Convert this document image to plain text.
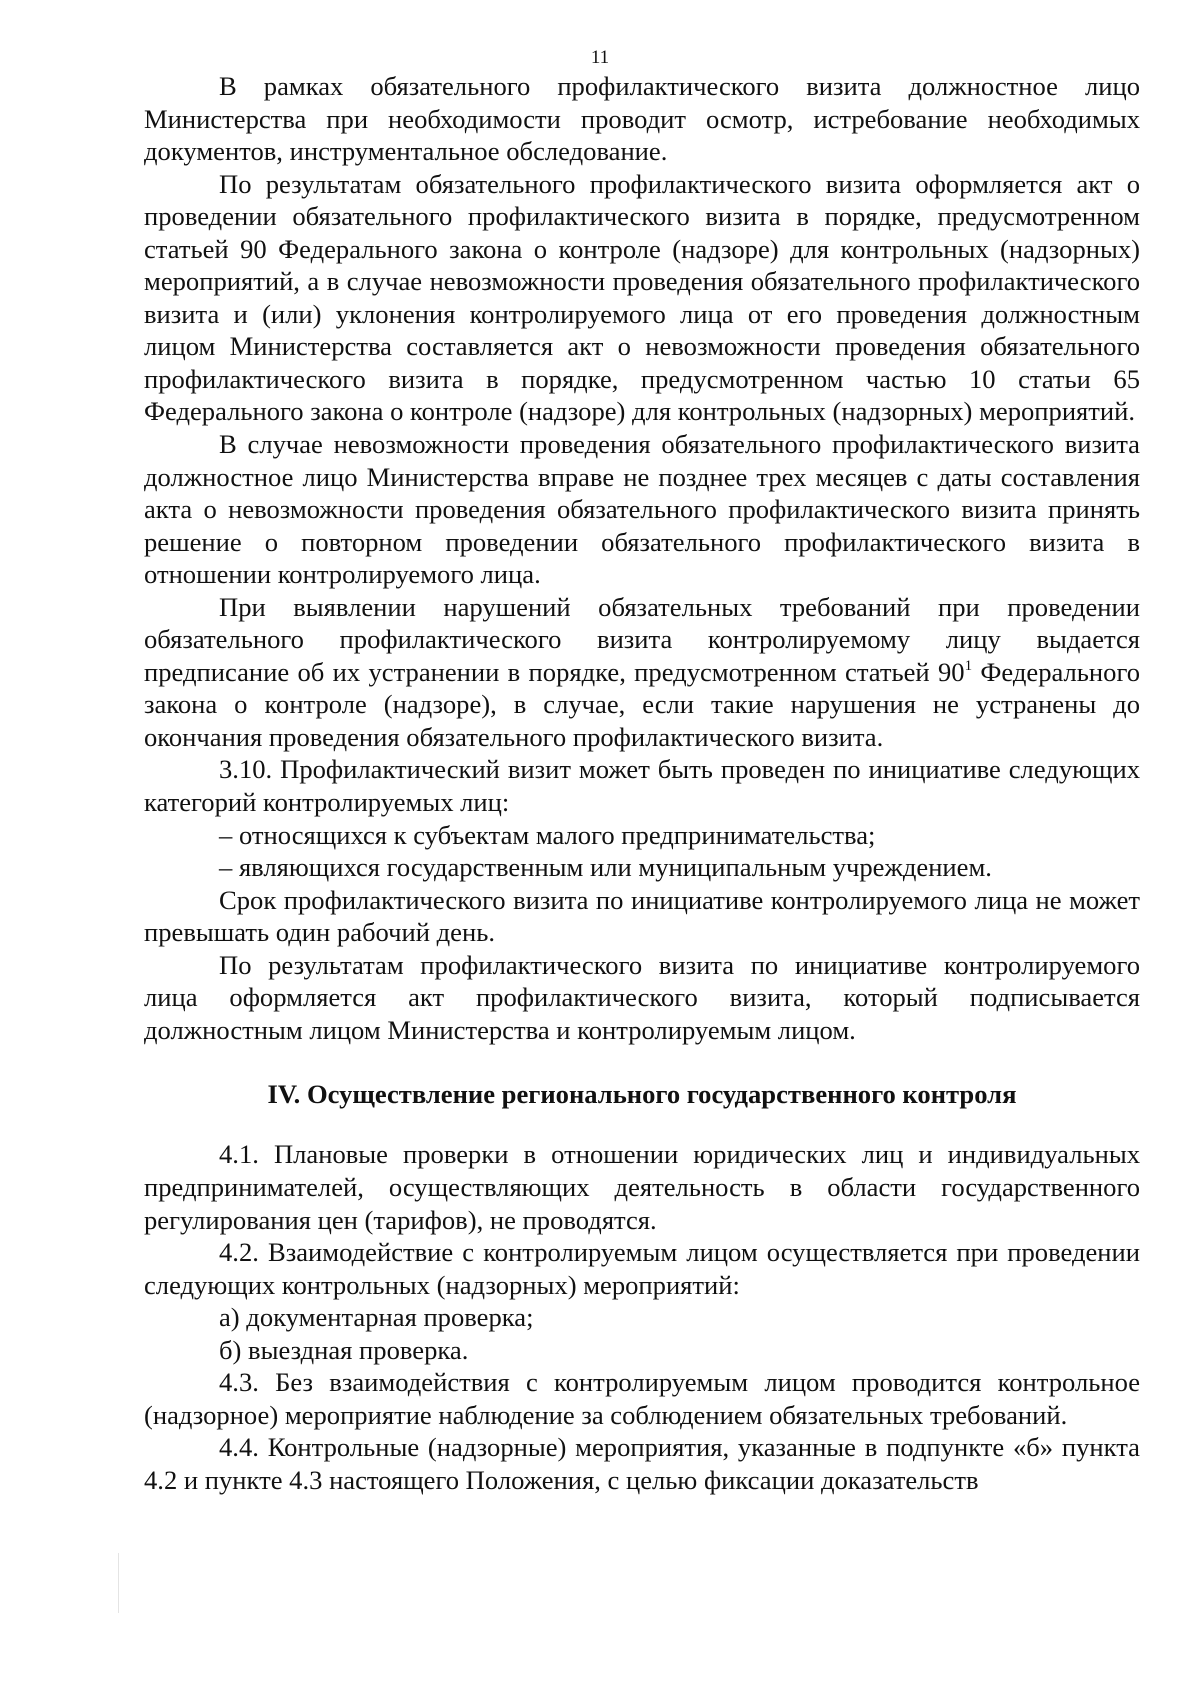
11

В рамках обязательного профилактического визита должностное лицо Министерства при необходимости проводит осмотр, истребование необходимых документов, инструментальное обследование.

По результатам обязательного профилактического визита оформляется акт о проведении обязательного профилактического визита в порядке, предусмотренном статьей 90 Федерального закона о контроле (надзоре) для контрольных (надзорных) мероприятий, а в случае невозможности проведения обязательного профилактического визита и (или) уклонения контролируемого лица от его проведения должностным лицом Министерства составляется акт о невозможности проведения обязательного профилактического визита в порядке, предусмотренном частью 10 статьи 65 Федерального закона о контроле (надзоре) для контрольных (надзорных) мероприятий.

В случае невозможности проведения обязательного профилактического визита должностное лицо Министерства вправе не позднее трех месяцев с даты составления акта о невозможности проведения обязательного профилактического визита принять решение о повторном проведении обязательного профилактического визита в отношении контролируемого лица.

При выявлении нарушений обязательных требований при проведении обязательного профилактического визита контролируемому лицу выдается предписание об их устранении в порядке, предусмотренном статьей $90^1$ Федерального закона о контроле (надзоре), в случае, если такие нарушения не устранены до окончания проведения обязательного профилактического визита.

3.10. Профилактический визит может быть проведен по инициативе следующих категорий контролируемых лиц:

– относящихся к субъектам малого предпринимательства;

– являющихся государственным или муниципальным учреждением.

Срок профилактического визита по инициативе контролируемого лица не может превышать один рабочий день.

По результатам профилактического визита по инициативе контролируемого лица оформляется акт профилактического визита, который подписывается должностным лицом Министерства и контролируемым лицом.

IV. Осуществление регионального государственного контроля

4.1. Плановые проверки в отношении юридических лиц и индивидуальных предпринимателей, осуществляющих деятельность в области государственного регулирования цен (тарифов), не проводятся.

4.2. Взаимодействие с контролируемым лицом осуществляется при проведении следующих контрольных (надзорных) мероприятий:

а) документарная проверка;

б) выездная проверка.

4.3. Без взаимодействия с контролируемым лицом проводится контрольное (надзорное) мероприятие наблюдение за соблюдением обязательных требований.

4.4. Контрольные (надзорные) мероприятия, указанные в подпункте «б» пункта 4.2 и пункте 4.3 настоящего Положения, с целью фиксации доказательств
